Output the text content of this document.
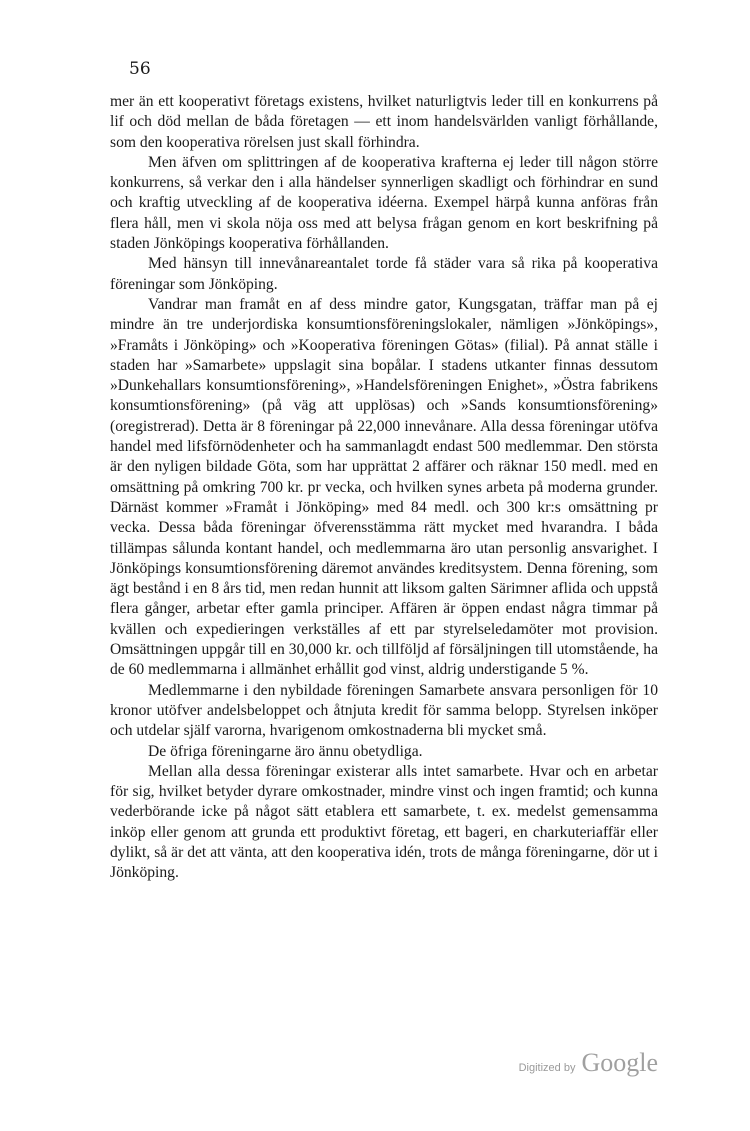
56

mer än ett kooperativt företags existens, hvilket naturligtvis leder till en konkurrens på lif och död mellan de båda företagen — ett inom handelsvärlden vanligt förhållande, som den kooperativa rörelsen just skall förhindra.

Men äfven om splittringen af de kooperativa krafterna ej leder till någon större konkurrens, så verkar den i alla händelser synnerligen skadligt och förhindrar en sund och kraftig utveckling af de kooperativa idéerna. Exempel härpå kunna anföras från flera håll, men vi skola nöja oss med att belysa frågan genom en kort beskrifning på staden Jönköpings kooperativa förhållanden.

Med hänsyn till innevånareantalet torde få städer vara så rika på kooperativa föreningar som Jönköping.

Vandrar man framåt en af dess mindre gator, Kungsgatan, träffar man på ej mindre än tre underjordiska konsumtionsföreningslokaler, nämligen »Jönköpings», »Framåts i Jönköping» och »Kooperativa föreningen Götas» (filial). På annat ställe i staden har »Samarbete» uppslagit sina bopålar. I stadens utkanter finnas dessutom »Dunkehallars konsumtionsförening», »Handelsföreningen Enighet», »Östra fabrikens konsumtionsförening» (på väg att upplösas) och »Sands konsumtionsförening» (oregistrerad). Detta är 8 föreningar på 22,000 innevånare. Alla dessa föreningar utöfva handel med lifsförnödenheter och ha sammanlagdt endast 500 medlemmar. Den största är den nyligen bildade Göta, som har upprättat 2 affärer och räknar 150 medl. med en omsättning på omkring 700 kr. pr vecka, och hvilken synes arbeta på moderna grunder. Därnäst kommer »Framåt i Jönköping» med 84 medl. och 300 kr:s omsättning pr vecka. Dessa båda föreningar öfverensstämma rätt mycket med hvarandra. I båda tillämpas sålunda kontant handel, och medlemmarna äro utan personlig ansvarighet. I Jönköpings konsumtionsförening däremot användes kreditsystem. Denna förening, som ägt bestånd i en 8 års tid, men redan hunnit att liksom galten Särimner aflida och uppstå flera gånger, arbetar efter gamla principer. Affären är öppen endast några timmar på kvällen och expedieringen verkställes af ett par styrelseledamöter mot provision. Omsättningen uppgår till en 30,000 kr. och tillföljd af försäljningen till utomstående, ha de 60 medlemmarna i allmänhet erhållit god vinst, aldrig understigande 5 %.

Medlemmarne i den nybildade föreningen Samarbete ansvara personligen för 10 kronor utöfver andelsbeloppet och åtnjuta kredit för samma belopp. Styrelsen inköper och utdelar själf varorna, hvarigenom omkostnaderna bli mycket små.

De öfriga föreningarne äro ännu obetydliga.

Mellan alla dessa föreningar existerar alls intet samarbete. Hvar och en arbetar för sig, hvilket betyder dyrare omkostnader, mindre vinst och ingen framtid; och kunna vederbörande icke på något sätt etablera ett samarbete, t. ex. medelst gemensamma inköp eller genom att grunda ett produktivt företag, ett bageri, en charkuteriaffär eller dylikt, så är det att vänta, att den kooperativa idén, trots de många föreningarne, dör ut i Jönköping.

Digitized by Google
